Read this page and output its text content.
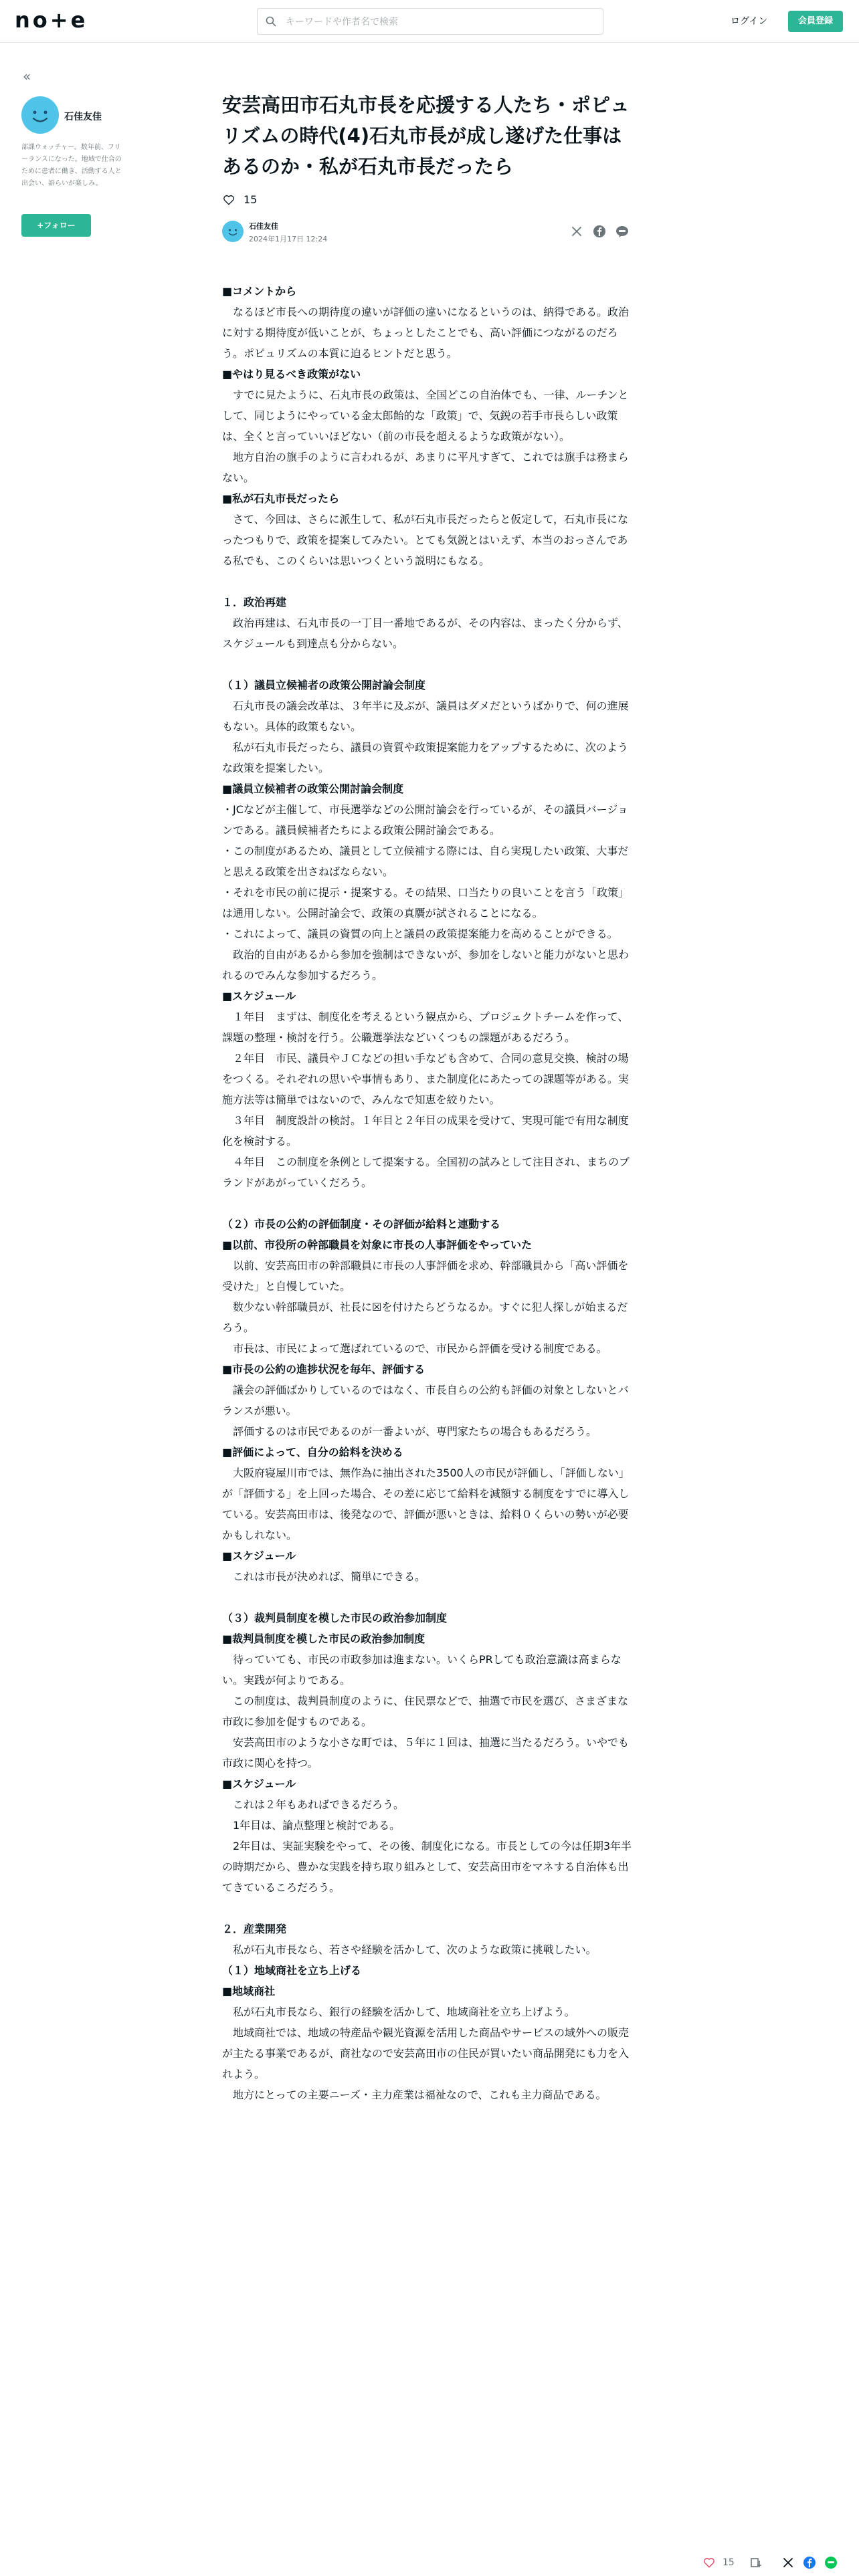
no+e
キーワードや作者名で検索	ログイン	会員登録
«
石佳友佳
部課ウォッチャー。数年前、フリーランスになった。地域で仕合のために患者に働き、活動する人と出会い、語らいが楽しみ。
+フォロー
安芸高田市石丸市長を応援する人たち・ポピュリズムの時代(4)石丸市長が成し遂げた仕事はあるのか・私が石丸市長だったら
15
石佳友佳
2024年1月17日 12:24
■コメントから

なるほど市長への期待度の違いが評価の違いになるというのは、納得である。政治に対する期待度が低いことが、ちょっとしたことでも、高い評価につながるのだろう。ポピュリズムの本質に迫るヒントだと思う。

■やはり見るべき政策がない

すでに見たように、石丸市長の政策は、全国どこの自治体でも、一律、ルーチンとして、同じようにやっている金太郎飴的な「政策」で、気鋭の若手市長らしい政策は、全くと言っていいほどない（前の市長を超えるような政策がない）。

地方自治の旗手のように言われるが、あまりに平凡すぎて、これでは旗手は務まらない。

■私が石丸市長だったら

さて、今回は、さらに派生して、私が石丸市長だったらと仮定して，石丸市長になったつもりで、政策を提案してみたい。とても気鋭とはいえず、本当のおっさんである私でも、このくらいは思いつくという説明にもなる。

１．政治再建

政治再建は、石丸市長の一丁目一番地であるが、その内容は、まったく分からず、スケジュールも到達点も分からない。

（１）議員立候補者の政策公開討論会制度

石丸市長の議会改革は、３年半に及ぶが、議員はダメだというばかりで、何の進展もない。具体的政策もない。

私が石丸市長だったら、議員の資質や政策提案能力をアップするために、次のような政策を提案したい。

■議員立候補者の政策公開討論会制度

・JCなどが主催して、市長選挙などの公開討論会を行っているが、その議員バージョンである。議員候補者たちによる政策公開討論会である。

・この制度があるため、議員として立候補する際には、自ら実現したい政策、大事だと思える政策を出さねばならない。

・それを市民の前に提示・提案する。その結果、口当たりの良いことを言う「政策」は通用しない。公開討論会で、政策の真贋が試されることになる。

・これによって、議員の資質の向上と議員の政策提案能力を高めることができる。

政治的自由があるから参加を強制はできないが、参加をしないと能力がないと思われるのでみんな参加するだろう。

■スケジュール

１年目　まずは、制度化を考えるという観点から、プロジェクトチームを作って、課題の整理・検討を行う。公職選挙法などいくつもの課題があるだろう。

２年目　市民、議員やＪＣなどの担い手なども含めて、合同の意見交換、検討の場をつくる。それぞれの思いや事情もあり、また制度化にあたっての課題等がある。実施方法等は簡単ではないので、みんなで知恵を絞りたい。

３年目　制度設計の検討。１年目と２年目の成果を受けて、実現可能で有用な制度化を検討する。

４年目　この制度を条例として提案する。全国初の試みとして注目され、まちのブランドがあがっていくだろう。

（２）市長の公約の評価制度・その評価が給料と連動する
■以前、市役所の幹部職員を対象に市長の人事評価をやっていた

以前、安芸高田市の幹部職員に市長の人事評価を求め、幹部職員から「高い評価を受けた」と自慢していた。

数少ない幹部職員が、社長に☒を付けたらどうなるか。すぐに犯人探しが始まるだろう。

市長は、市民によって選ばれているので、市民から評価を受ける制度である。

■市長の公約の進捗状況を毎年、評価する

議会の評価ばかりしているのではなく、市長自らの公約も評価の対象としないとバランスが悪い。

評価するのは市民であるのが一番よいが、専門家たちの場合もあるだろう。

■評価によって、自分の給料を決める

大阪府寝屋川市では、無作為に抽出された3500人の市民が評価し、「評価しない」が「評価する」を上回った場合、その差に応じて給料を減額する制度をすでに導入している。安芸高田市は、後発なので、評価が悪いときは、給料０くらいの勢いが必要かもしれない。

■スケジュール

これは市長が決めれば、簡単にできる。

（３）裁判員制度を模した市民の政治参加制度
■裁判員制度を模した市民の政治参加制度

待っていても、市民の市政参加は進まない。いくらPRしても政治意識は高まらない。実践が何よりである。

この制度は、裁判員制度のように、住民票などで、抽選で市民を選び、さまざまな市政に参加を促すものである。

安芸高田市のような小さな町では、５年に１回は、抽選に当たるだろう。いやでも市政に関心を持つ。

■スケジュール

これは２年もあればできるだろう。

1年目は、論点整理と検討である。

2年目は、実証実験をやって、その後、制度化になる。市長としての今は任期3年半の時期だから、豊かな実践を持ち取り組みとして、安芸高田市をマネする自治体も出てきているころだろう。

２．産業開発

私が石丸市長なら、若さや経験を活かして、次のような政策に挑戦したい。

（１）地域商社を立ち上げる
■地域商社

私が石丸市長なら、銀行の経験を活かして、地域商社を立ち上げよう。

地域商社では、地域の特産品や観光資源を活用した商品やサービスの域外への販売が主たる事業であるが、商社なので安芸高田市の住民が買いたい商品開発にも力を入れよう。

地方にとっての主要ニーズ・主力産業は福祉なので、これも主力商品である。

15
